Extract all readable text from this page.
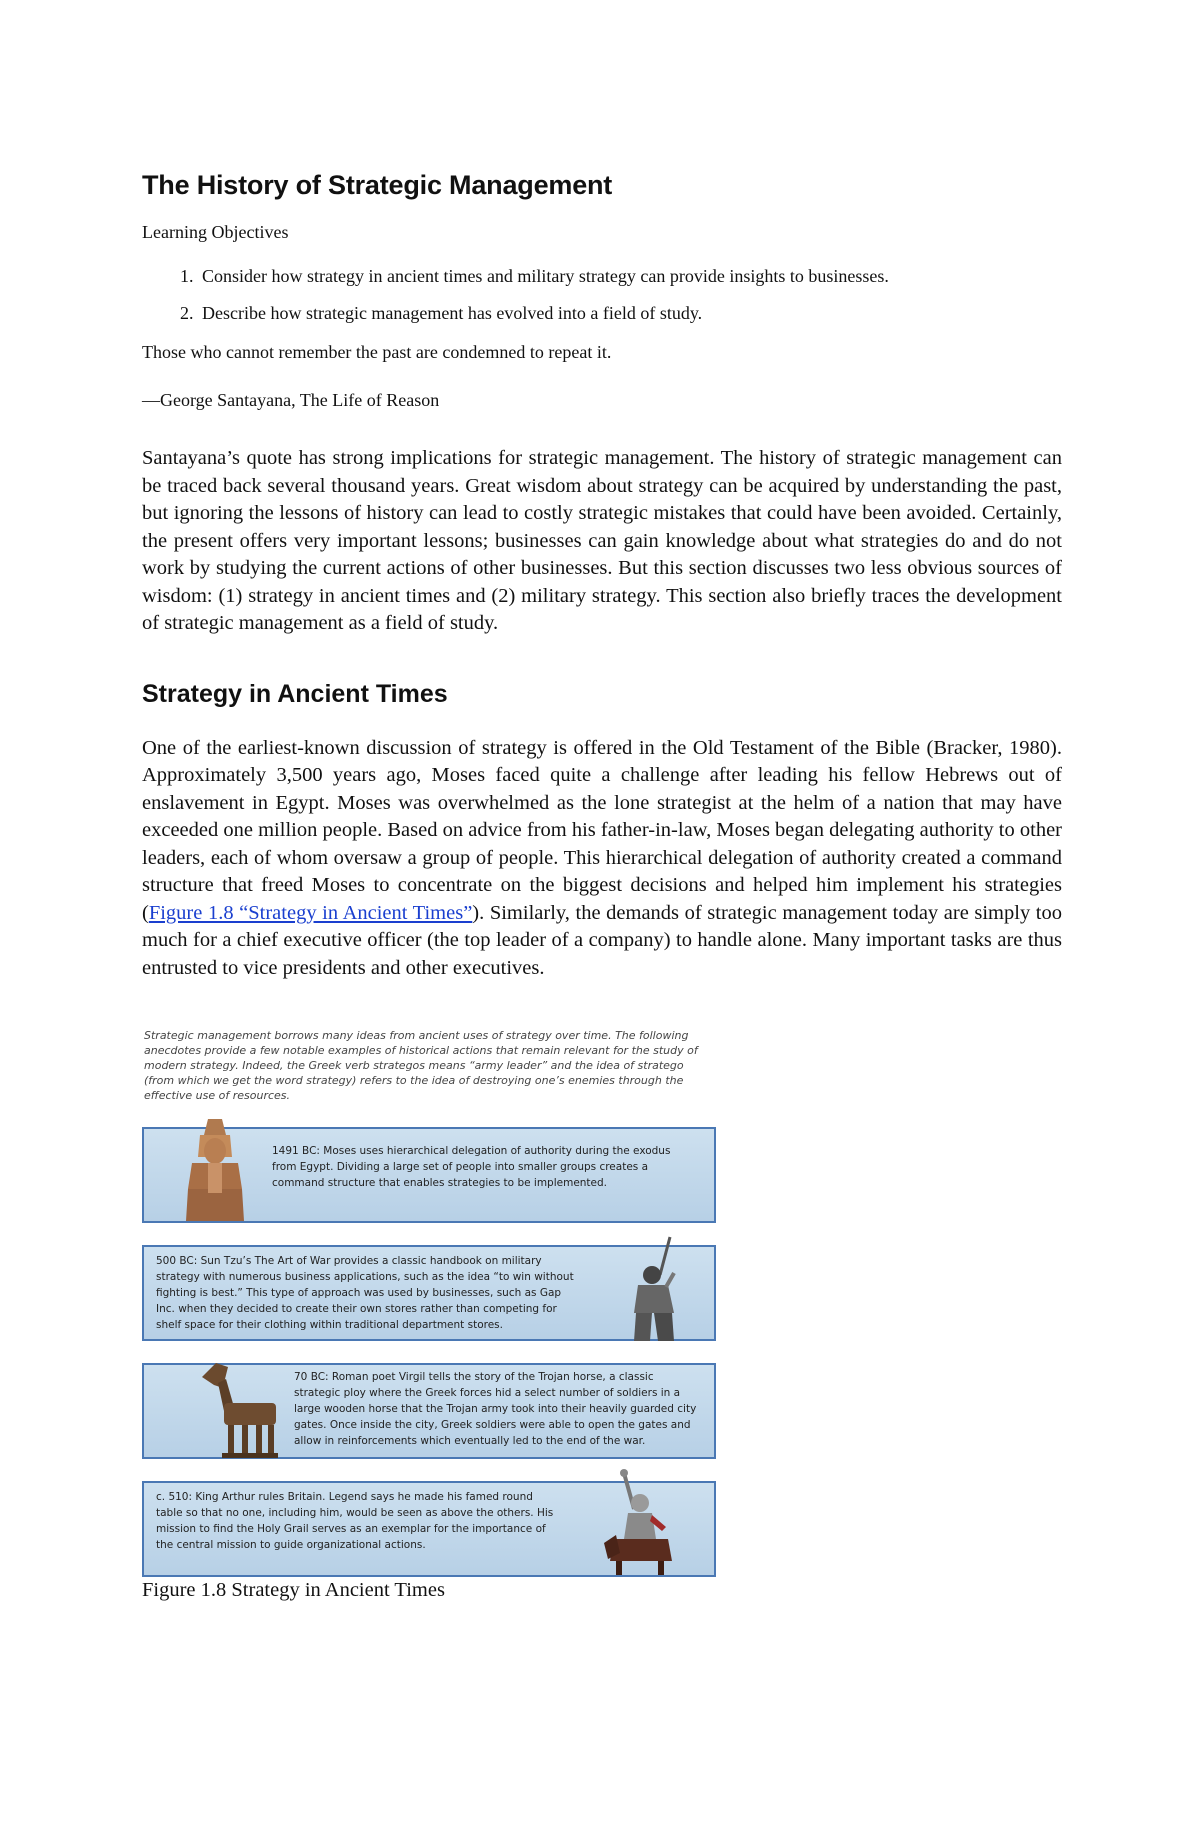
The History of Strategic Management

Learning Objectives

1. Consider how strategy in ancient times and military strategy can provide insights to businesses.
2. Describe how strategic management has evolved into a field of study.

Those who cannot remember the past are condemned to repeat it.

—George Santayana, The Life of Reason

Santayana’s quote has strong implications for strategic management. The history of strategic management can be traced back several thousand years. Great wisdom about strategy can be acquired by understanding the past, but ignoring the lessons of history can lead to costly strategic mistakes that could have been avoided. Certainly, the present offers very important lessons; businesses can gain knowledge about what strategies do and do not work by studying the current actions of other businesses. But this section discusses two less obvious sources of wisdom: (1) strategy in ancient times and (2) military strategy. This section also briefly traces the development of strategic management as a field of study.

Strategy in Ancient Times

One of the earliest-known discussion of strategy is offered in the Old Testament of the Bible (Bracker, 1980). Approximately 3,500 years ago, Moses faced quite a challenge after leading his fellow Hebrews out of enslavement in Egypt. Moses was overwhelmed as the lone strategist at the helm of a nation that may have exceeded one million people. Based on advice from his father-in-law, Moses began delegating authority to other leaders, each of whom oversaw a group of people. This hierarchical delegation of authority created a command structure that freed Moses to concentrate on the biggest decisions and helped him implement his strategies (Figure 1.8 “Strategy in Ancient Times”). Similarly, the demands of strategic management today are simply too much for a chief executive officer (the top leader of a company) to handle alone. Many important tasks are thus entrusted to vice presidents and other executives.

Strategic management borrows many ideas from ancient uses of strategy over time. The following anecdotes provide a few notable examples of historical actions that remain relevant for the study of modern strategy. Indeed, the Greek verb strategos means “army leader” and the idea of stratego (from which we get the word strategy) refers to the idea of destroying one’s enemies through the effective use of resources.

1491 BC: Moses uses hierarchical delegation of authority during the exodus from Egypt. Dividing a large set of people into smaller groups creates a command structure that enables strategies to be implemented.
500 BC: Sun Tzu’s The Art of War provides a classic handbook on military strategy with numerous business applications, such as the idea “to win without fighting is best.” This type of approach was used by businesses, such as Gap Inc. when they decided to create their own stores rather than competing for shelf space for their clothing within traditional department stores.
70 BC: Roman poet Virgil tells the story of the Trojan horse, a classic strategic ploy where the Greek forces hid a select number of soldiers in a large wooden horse that the Trojan army took into their heavily guarded city gates. Once inside the city, Greek soldiers were able to open the gates and allow in reinforcements which eventually led to the end of the war.
c. 510: King Arthur rules Britain. Legend says he made his famed round table so that no one, including him, would be seen as above the others. His mission to find the Holy Grail serves as an exemplar for the importance of the central mission to guide organizational actions.
Figure 1.8 Strategy in Ancient Times
